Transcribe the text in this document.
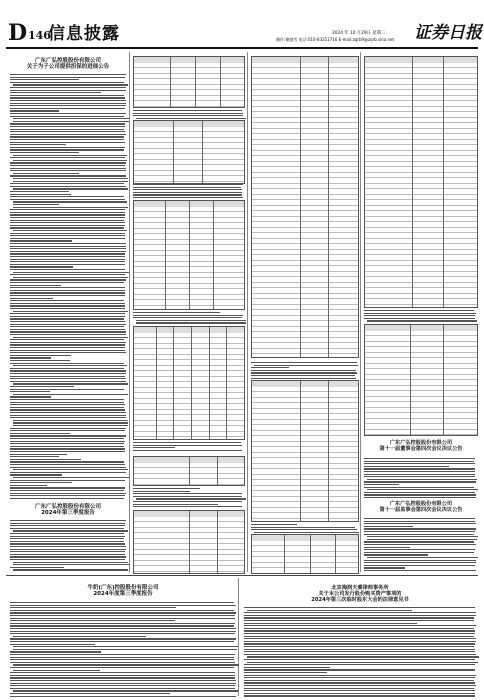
D 146
信息披露	2024 年 10 月29日 星期二
制作:谢傲雪 电话:010-83251716 E-mail:zqrb9@zqrb.sina.net 证券日报
广东广弘控股股份有限公司
关于为子公司提供担保的进展公告
广东广弘控股股份有限公司
2024年第三季度报告
广东广弘控股股份有限公司
第十一届董事会第四次会议决议公告
广东广弘控股股份有限公司
第十一届监事会第四次会议决议公告
牛奶(广东)控股股份有限公司
2024年度第三季度报告
北京海润天睿律师事务所
关于本公司发行股份购买资产事项的
2024年第三次临时股东大会的法律意见书
